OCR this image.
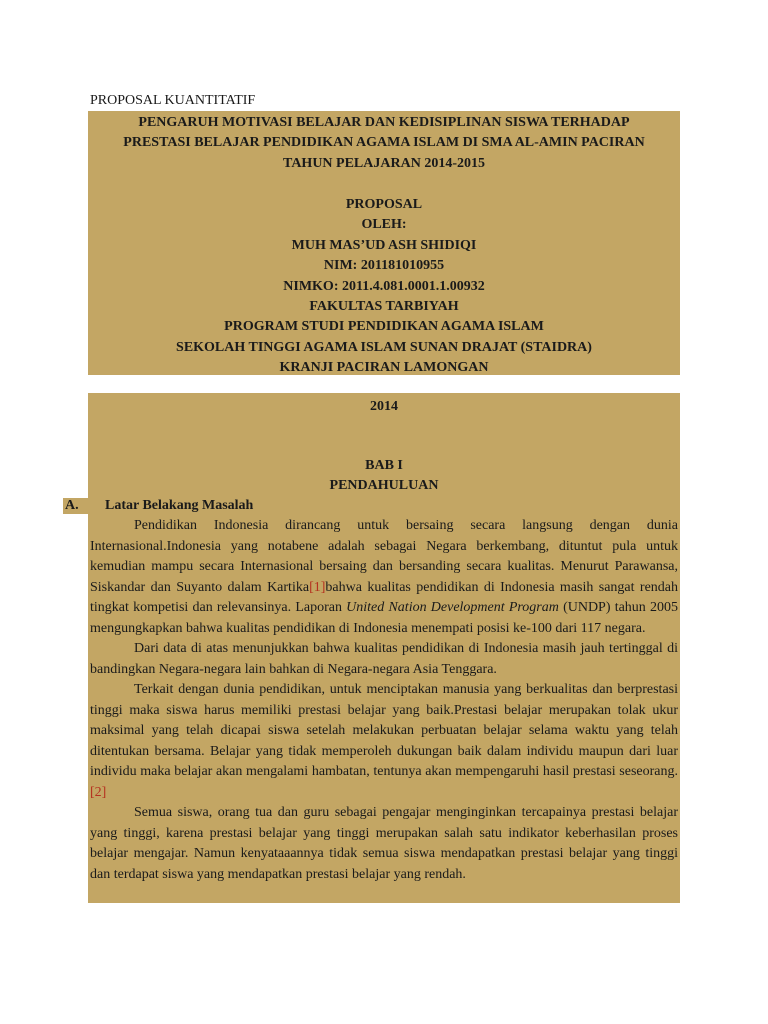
PROPOSAL KUANTITATIF
PENGARUH MOTIVASI BELAJAR DAN KEDISIPLINAN SISWA TERHADAP
PRESTASI BELAJAR PENDIDIKAN AGAMA ISLAM DI SMA AL-AMIN PACIRAN
TAHUN PELAJARAN 2014-2015
PROPOSAL
OLEH:
MUH MAS’UD ASH SHIDIQI
NIM: 201181010955
NIMKO: 2011.4.081.0001.1.00932
FAKULTAS TARBIYAH
PROGRAM STUDI PENDIDIKAN AGAMA ISLAM
SEKOLAH TINGGI AGAMA ISLAM SUNAN DRAJAT (STAIDRA)
KRANJI PACIRAN LAMONGAN
2014
BAB I
PENDAHULUAN
A. Latar Belakang Masalah

Pendidikan Indonesia dirancang untuk bersaing secara langsung dengan dunia Internasional.Indonesia yang notabene adalah sebagai Negara berkembang, dituntut pula untuk kemudian mampu secara Internasional bersaing dan bersanding secara kualitas. Menurut Parawansa, Siskandar dan Suyanto dalam Kartika[1]bahwa kualitas pendidikan di Indonesia masih sangat rendah tingkat kompetisi dan relevansinya. Laporan United Nation Development Program (UNDP) tahun 2005 mengungkapkan bahwa kualitas pendidikan di Indonesia menempati posisi ke-100 dari 117 negara.

Dari data di atas menunjukkan bahwa kualitas pendidikan di Indonesia masih jauh tertinggal di bandingkan Negara-negara lain bahkan di Negara-negara Asia Tenggara.

Terkait dengan dunia pendidikan, untuk menciptakan manusia yang berkualitas dan berprestasi tinggi maka siswa harus memiliki prestasi belajar yang baik.Prestasi belajar merupakan tolak ukur maksimal yang telah dicapai siswa setelah melakukan perbuatan belajar selama waktu yang telah ditentukan bersama. Belajar yang tidak memperoleh dukungan baik dalam individu maupun dari luar individu maka belajar akan mengalami hambatan, tentunya akan mempengaruhi hasil prestasi seseorang.[2]

Semua siswa, orang tua dan guru sebagai pengajar menginginkan tercapainya prestasi belajar yang tinggi, karena prestasi belajar yang tinggi merupakan salah satu indikator keberhasilan proses belajar mengajar. Namun kenyataaannya tidak semua siswa mendapatkan prestasi belajar yang tinggi dan terdapat siswa yang mendapatkan prestasi belajar yang rendah.
